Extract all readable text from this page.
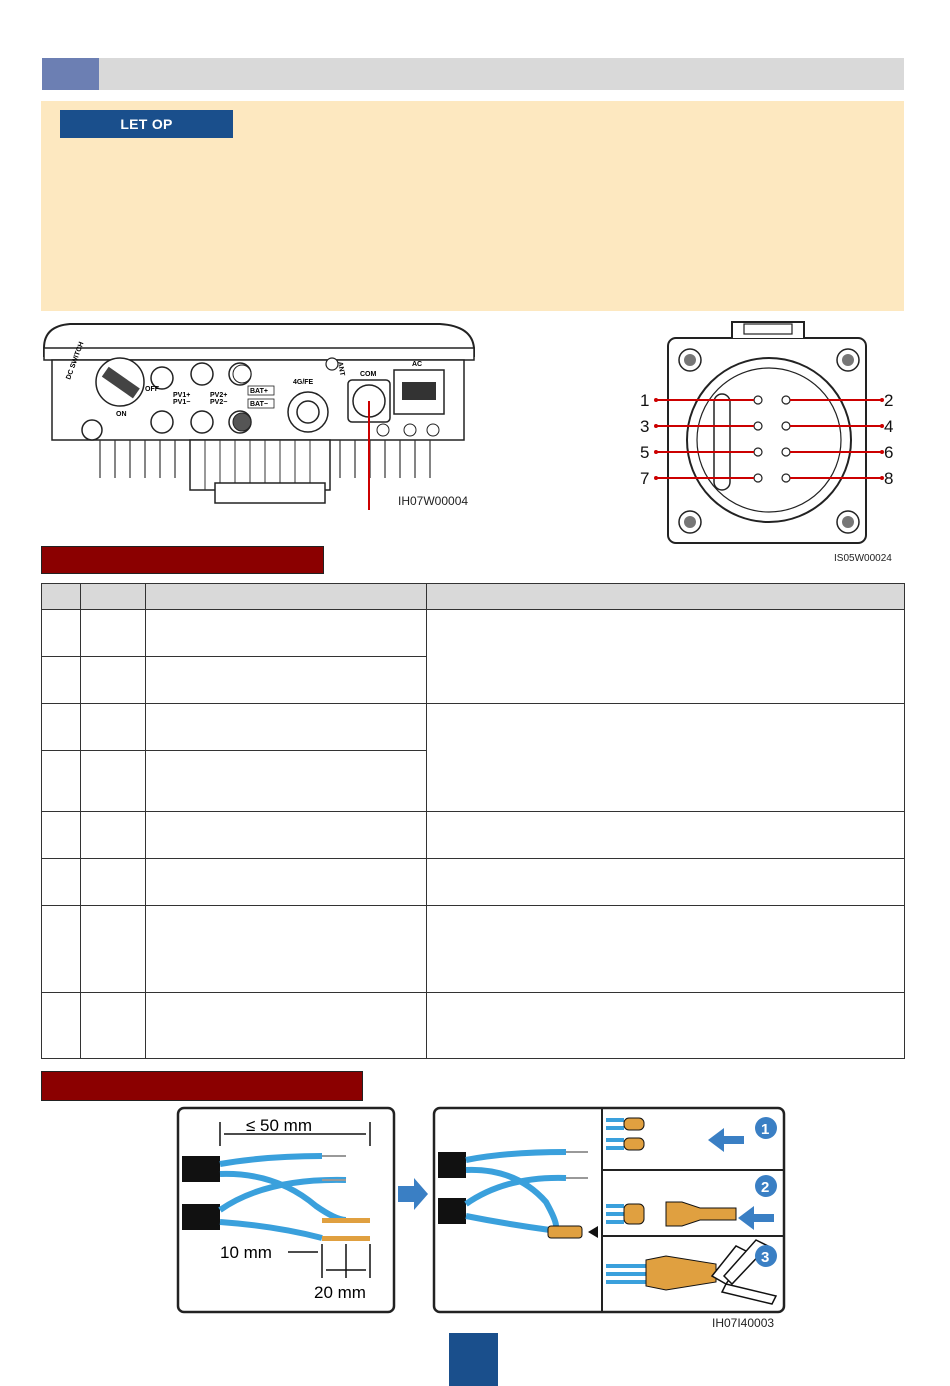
LET OP
DC SWITCH
OFF
ON
PV1+
PV1−
PV2+
PV2−
BAT+
BAT−
4G/FE
ANT COM
AC
IH07W00004
1	2
3	4
5	6
7	8
IS05W00024

≤ 50 mm
10 mm
20 mm
1
2
3
IH07I40003
